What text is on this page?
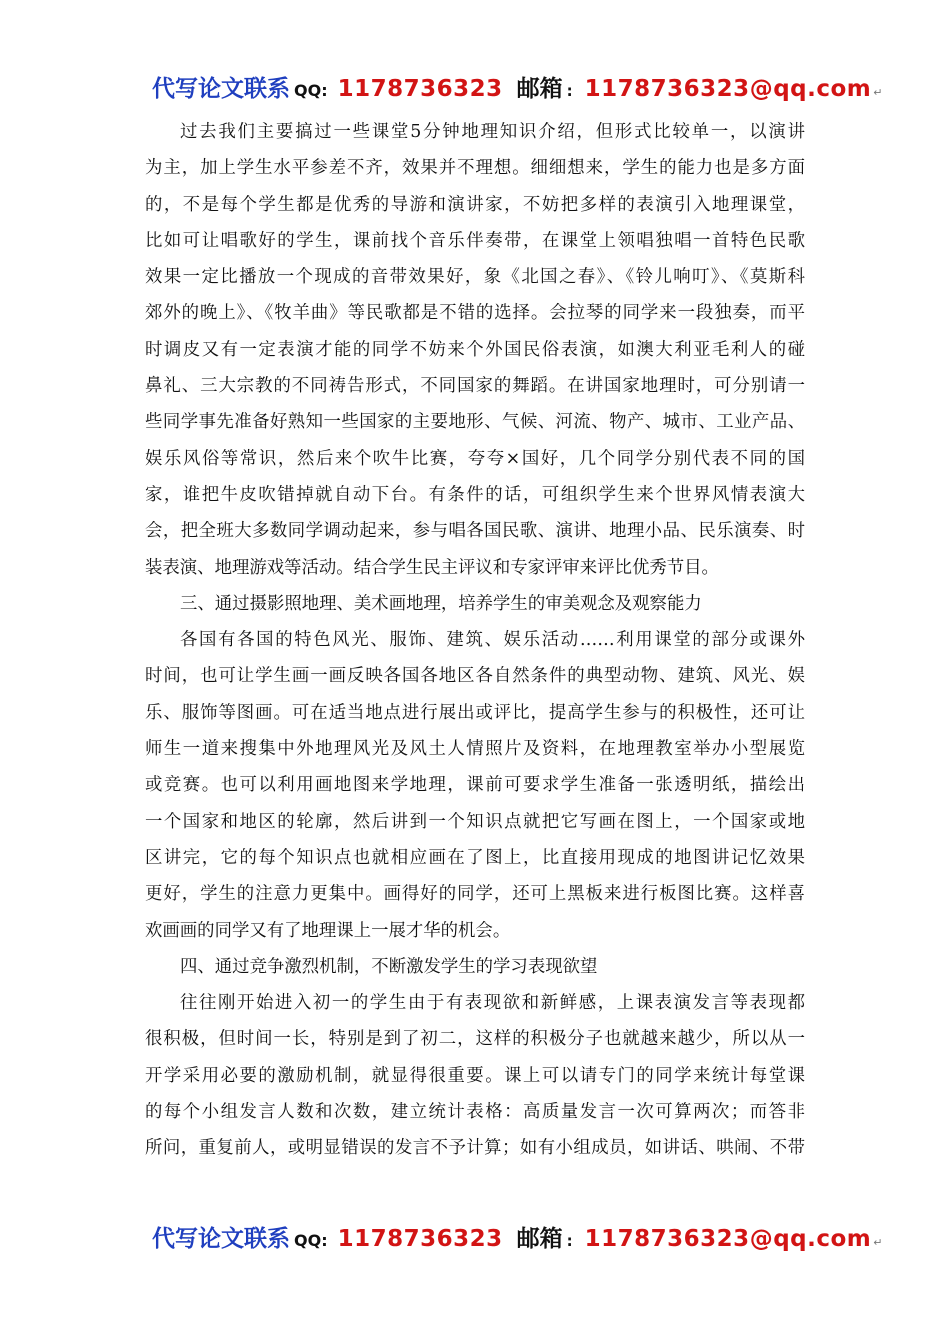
代写论文联系 QQ: 1178736323 邮箱 : 1178736323@qq.com ↵
过去我们主要搞过一些课堂5分钟地理知识介绍，但形式比较单一，以演讲
为主，加上学生水平参差不齐，效果并不理想。细细想来，学生的能力也是多方面
的，不是每个学生都是优秀的导游和演讲家，不妨把多样的表演引入地理课堂，
比如可让唱歌好的学生，课前找个音乐伴奏带，在课堂上领唱独唱一首特色民歌
效果一定比播放一个现成的音带效果好，象《北国之春》、《铃儿响叮》、《莫斯科
郊外的晚上》、《牧羊曲》等民歌都是不错的选择。会拉琴的同学来一段独奏，而平
时调皮又有一定表演才能的同学不妨来个外国民俗表演，如澳大利亚毛利人的碰
鼻礼、三大宗教的不同祷告形式，不同国家的舞蹈。在讲国家地理时，可分别请一
些同学事先准备好熟知一些国家的主要地形、气候、河流、物产、城市、工业产品、
娱乐风俗等常识，然后来个吹牛比赛，夸夸×国好，几个同学分别代表不同的国
家，谁把牛皮吹错掉就自动下台。有条件的话，可组织学生来个世界风情表演大
会，把全班大多数同学调动起来，参与唱各国民歌、演讲、地理小品、民乐演奏、时
装表演、地理游戏等活动。结合学生民主评议和专家评审来评比优秀节目。
三、通过摄影照地理、美术画地理，培养学生的审美观念及观察能力
各国有各国的特色风光、服饰、建筑、娱乐活动……利用课堂的部分或课外
时间，也可让学生画一画反映各国各地区各自然条件的典型动物、建筑、风光、娱
乐、服饰等图画。可在适当地点进行展出或评比，提高学生参与的积极性，还可让
师生一道来搜集中外地理风光及风土人情照片及资料，在地理教室举办小型展览
或竞赛。也可以利用画地图来学地理，课前可要求学生准备一张透明纸，描绘出
一个国家和地区的轮廓，然后讲到一个知识点就把它写画在图上，一个国家或地
区讲完，它的每个知识点也就相应画在了图上，比直接用现成的地图讲记忆效果
更好，学生的注意力更集中。画得好的同学，还可上黑板来进行板图比赛。这样喜
欢画画的同学又有了地理课上一展才华的机会。
四、通过竞争激烈机制，不断激发学生的学习表现欲望
往往刚开始进入初一的学生由于有表现欲和新鲜感，上课表演发言等表现都
很积极，但时间一长，特别是到了初二，这样的积极分子也就越来越少，所以从一
开学采用必要的激励机制，就显得很重要。课上可以请专门的同学来统计每堂课
的每个小组发言人数和次数，建立统计表格：高质量发言一次可算两次；而答非
所问，重复前人，或明显错误的发言不予计算；如有小组成员，如讲话、哄闹、不带
代写论文联系 QQ: 1178736323 邮箱 : 1178736323@qq.com ↵
